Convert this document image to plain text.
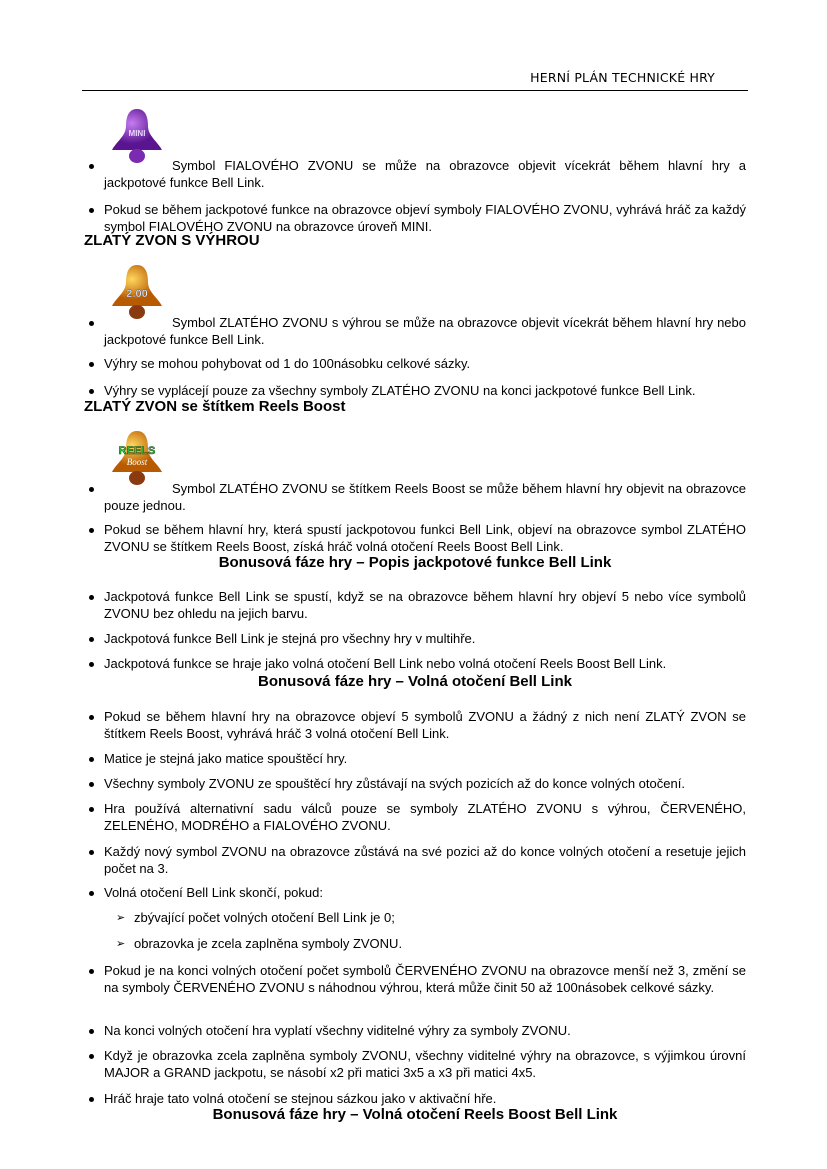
HERNÍ PLÁN TECHNICKÉ HRY
MINI
Symbol FIALOVÉHO ZVONU se může na obrazovce objevit vícekrát během hlavní hry a jackpotové funkce Bell Link.
Pokud se během jackpotové funkce na obrazovce objeví symboly FIALOVÉHO ZVONU, vyhrává hráč za každý symbol FIALOVÉHO ZVONU na obrazovce úroveň MINI.
ZLATÝ ZVON S VÝHROU
2.00
Symbol ZLATÉHO ZVONU s výhrou se může na obrazovce objevit vícekrát během hlavní hry nebo jackpotové funkce Bell Link.
Výhry se mohou pohybovat od 1 do 100násobku celkové sázky.
Výhry se vyplácejí pouze za všechny symboly ZLATÉHO ZVONU na konci jackpotové funkce Bell Link.
ZLATÝ ZVON se štítkem Reels Boost
REELS
Boost
Symbol ZLATÉHO ZVONU se štítkem Reels Boost se může během hlavní hry objevit na obrazovce pouze jednou.
Pokud se během hlavní hry, která spustí jackpotovou funkci Bell Link, objeví na obrazovce symbol ZLATÉHO ZVONU se štítkem Reels Boost, získá hráč volná otočení Reels Boost Bell Link.
Bonusová fáze hry – Popis jackpotové funkce Bell Link
Jackpotová funkce Bell Link se spustí, když se na obrazovce během hlavní hry objeví 5 nebo více symbolů ZVONU bez ohledu na jejich barvu.
Jackpotová funkce Bell Link je stejná pro všechny hry v multihře.
Jackpotová funkce se hraje jako volná otočení Bell Link nebo volná otočení Reels Boost Bell Link.
Bonusová fáze hry – Volná otočení Bell Link
Pokud se během hlavní hry na obrazovce objeví 5 symbolů ZVONU a žádný z nich není ZLATÝ ZVON se štítkem Reels Boost, vyhrává hráč 3 volná otočení Bell Link.
Matice je stejná jako matice spouštěcí hry.
Všechny symboly ZVONU ze spouštěcí hry zůstávají na svých pozicích až do konce volných otočení.
Hra používá alternativní sadu válců pouze se symboly ZLATÉHO ZVONU s výhrou, ČERVENÉHO, ZELENÉHO, MODRÉHO a FIALOVÉHO ZVONU.
Každý nový symbol ZVONU na obrazovce zůstává na své pozici až do konce volných otočení a resetuje jejich počet na 3.
Volná otočení Bell Link skončí, pokud:
➢ zbývající počet volných otočení Bell Link je 0;
➢ obrazovka je zcela zaplněna symboly ZVONU.
Pokud je na konci volných otočení počet symbolů ČERVENÉHO ZVONU na obrazovce menší než 3, změní se na symboly ČERVENÉHO ZVONU s náhodnou výhrou, která může činit 50 až 100násobek celkové sázky.
Na konci volných otočení hra vyplatí všechny viditelné výhry za symboly ZVONU.
Když je obrazovka zcela zaplněna symboly ZVONU, všechny viditelné výhry na obrazovce, s výjimkou úrovní MAJOR a GRAND jackpotu, se násobí x2 při matici 3x5 a x3 při matici 4x5.
Hráč hraje tato volná otočení se stejnou sázkou jako v aktivační hře.
Bonusová fáze hry – Volná otočení Reels Boost Bell Link
